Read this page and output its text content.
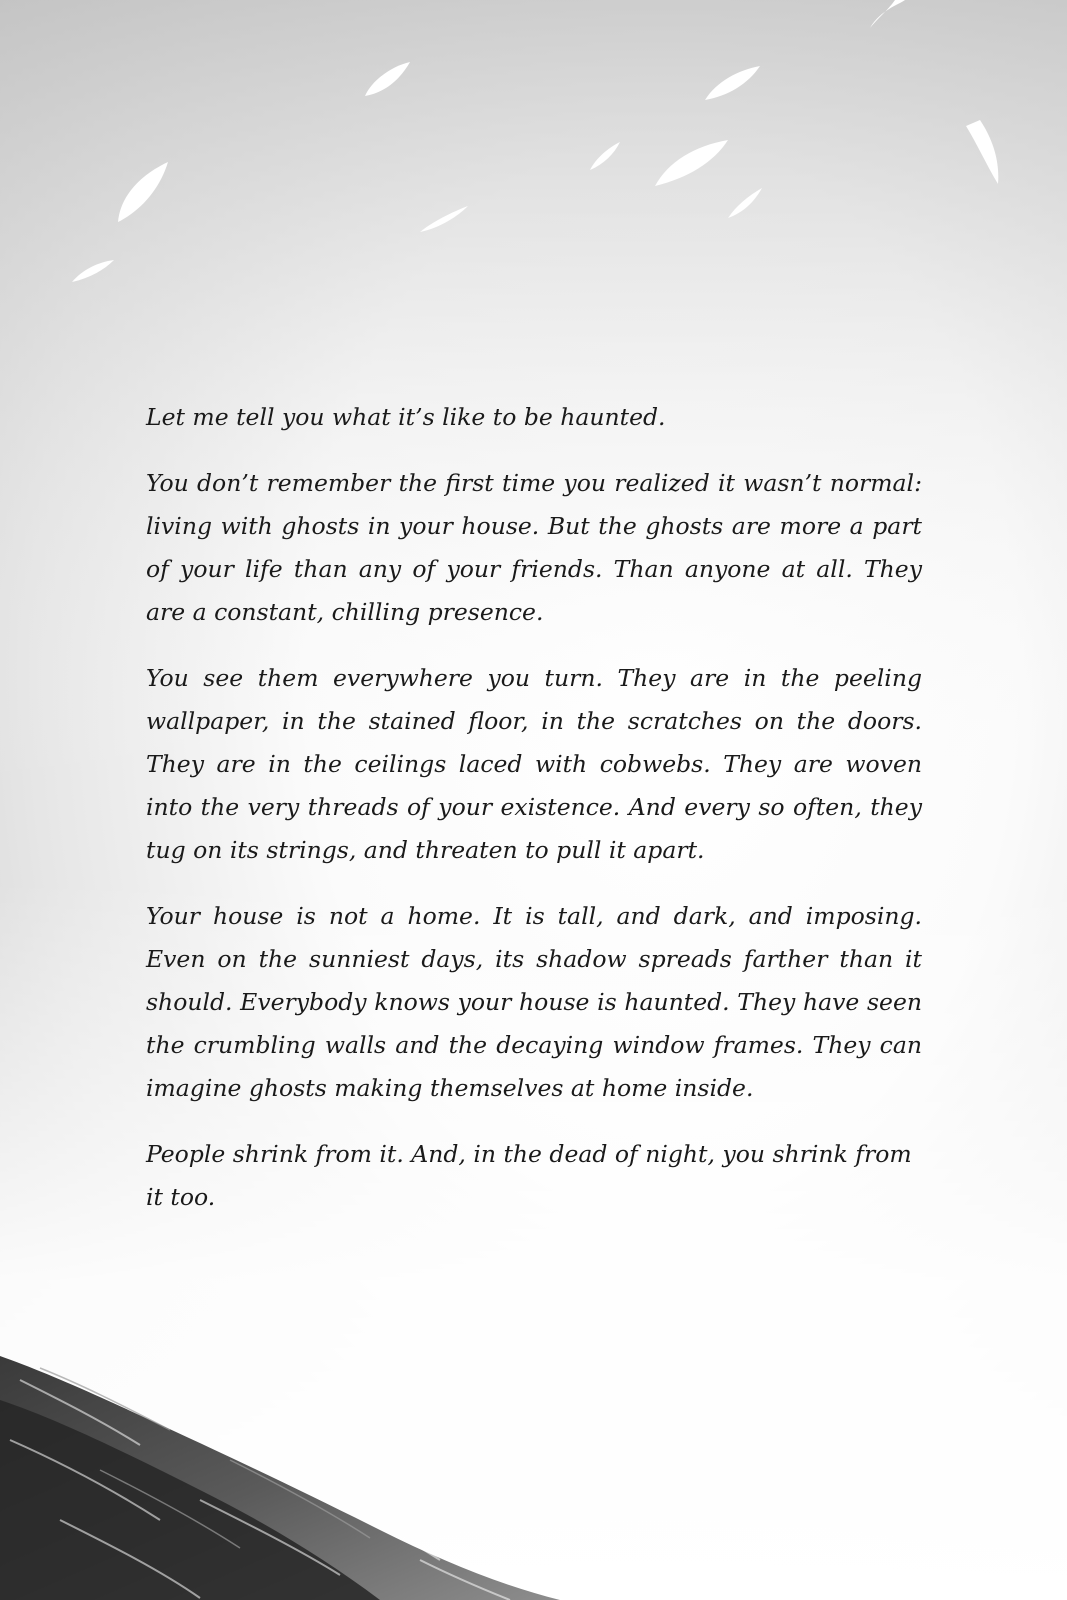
Let me tell you what it’s like to be haunted.

You don’t remember the first time you realized it wasn’t normal: living with ghosts in your house. But the ghosts are more a part of your life than any of your friends. Than anyone at all. They are a constant, chilling presence.

You see them everywhere you turn. They are in the peeling wallpaper, in the stained floor, in the scratches on the doors. They are in the ceilings laced with cobwebs. They are woven into the very threads of your existence. And every so often, they tug on its strings, and threaten to pull it apart.

Your house is not a home. It is tall, and dark, and imposing. Even on the sunniest days, its shadow spreads farther than it should. Everybody knows your house is haunted. They have seen the crumbling walls and the decaying window frames. They can imagine ghosts making themselves at home inside.

People shrink from it. And, in the dead of night, you shrink from it too.
